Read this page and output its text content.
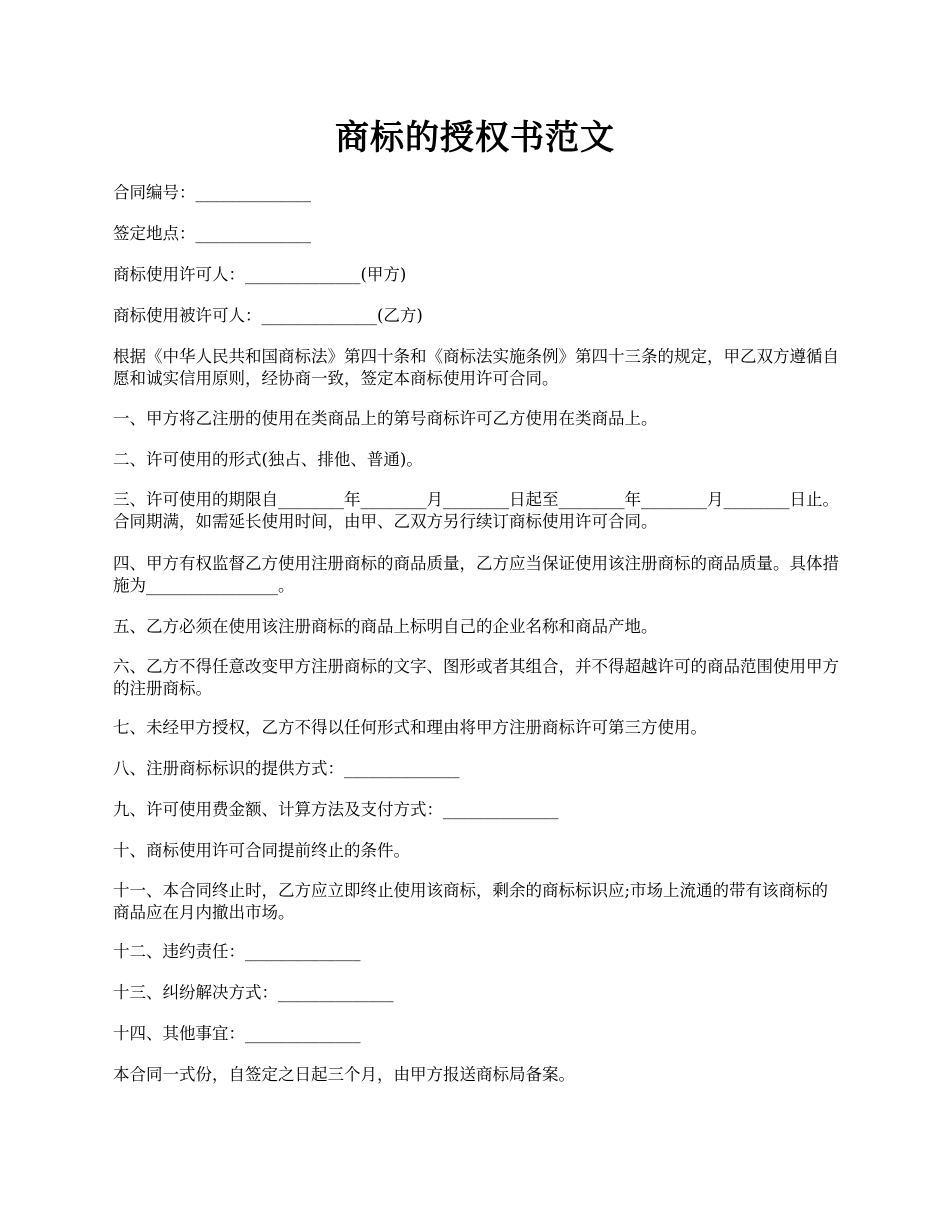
商标的授权书范文

合同编号：______________

签定地点：______________

商标使用许可人：______________(甲方)

商标使用被许可人：______________(乙方)

根据《中华人民共和国商标法》第四十条和《商标法实施条例》第四十三条的规定，甲乙双方遵循自愿和诚实信用原则，经协商一致，签定本商标使用许可合同。

一、甲方将乙注册的使用在类商品上的第号商标许可乙方使用在类商品上。

二、许可使用的形式(独占、排他、普通)。

三、许可使用的期限自________年________月________日起至________年________月________日止。合同期满，如需延长使用时间，由甲、乙双方另行续订商标使用许可合同。

四、甲方有权监督乙方使用注册商标的商品质量，乙方应当保证使用该注册商标的商品质量。具体措施为________________。

五、乙方必须在使用该注册商标的商品上标明自己的企业名称和商品产地。

六、乙方不得任意改变甲方注册商标的文字、图形或者其组合，并不得超越许可的商品范围使用甲方的注册商标。

七、未经甲方授权，乙方不得以任何形式和理由将甲方注册商标许可第三方使用。

八、注册商标标识的提供方式：______________

九、许可使用费金额、计算方法及支付方式：______________

十、商标使用许可合同提前终止的条件。

十一、本合同终止时，乙方应立即终止使用该商标，剩余的商标标识应;市场上流通的带有该商标的商品应在月内撤出市场。

十二、违约责任：______________

十三、纠纷解决方式：______________

十四、其他事宜：______________

本合同一式份，自签定之日起三个月，由甲方报送商标局备案。
